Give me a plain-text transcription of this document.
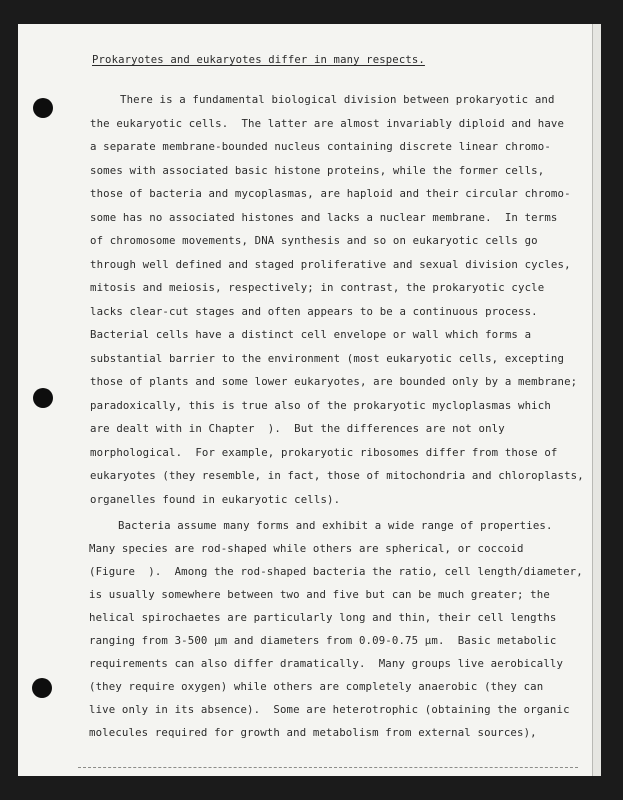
Prokaryotes and eukaryotes differ in many respects.
There is a fundamental biological division between prokaryotic and
the eukaryotic cells.  The latter are almost invariably diploid and have
a separate membrane-bounded nucleus containing discrete linear chromo-
somes with associated basic histone proteins, while the former cells,
those of bacteria and mycoplasmas, are haploid and their circular chromo-
some has no associated histones and lacks a nuclear membrane.  In terms
of chromosome movements, DNA synthesis and so on eukaryotic cells go
through well defined and staged proliferative and sexual division cycles,
mitosis and meiosis, respectively; in contrast, the prokaryotic cycle
lacks clear-cut stages and often appears to be a continuous process.
Bacterial cells have a distinct cell envelope or wall which forms a
substantial barrier to the environment (most eukaryotic cells, excepting
those of plants and some lower eukaryotes, are bounded only by a membrane;
paradoxically, this is true also of the prokaryotic mycloplasmas which
are dealt with in Chapter  ).  But the differences are not only
morphological.  For example, prokaryotic ribosomes differ from those of
eukaryotes (they resemble, in fact, those of mitochondria and chloroplasts,
organelles found in eukaryotic cells).
Bacteria assume many forms and exhibit a wide range of properties.
Many species are rod-shaped while others are spherical, or coccoid
(Figure  ).  Among the rod-shaped bacteria the ratio, cell length/diameter,
is usually somewhere between two and five but can be much greater; the
helical spirochaetes are particularly long and thin, their cell lengths
ranging from 3-500 µm and diameters from 0.09-0.75 µm.  Basic metabolic
requirements can also differ dramatically.  Many groups live aerobically
(they require oxygen) while others are completely anaerobic (they can
live only in its absence).  Some are heterotrophic (obtaining the organic
molecules required for growth and metabolism from external sources),
